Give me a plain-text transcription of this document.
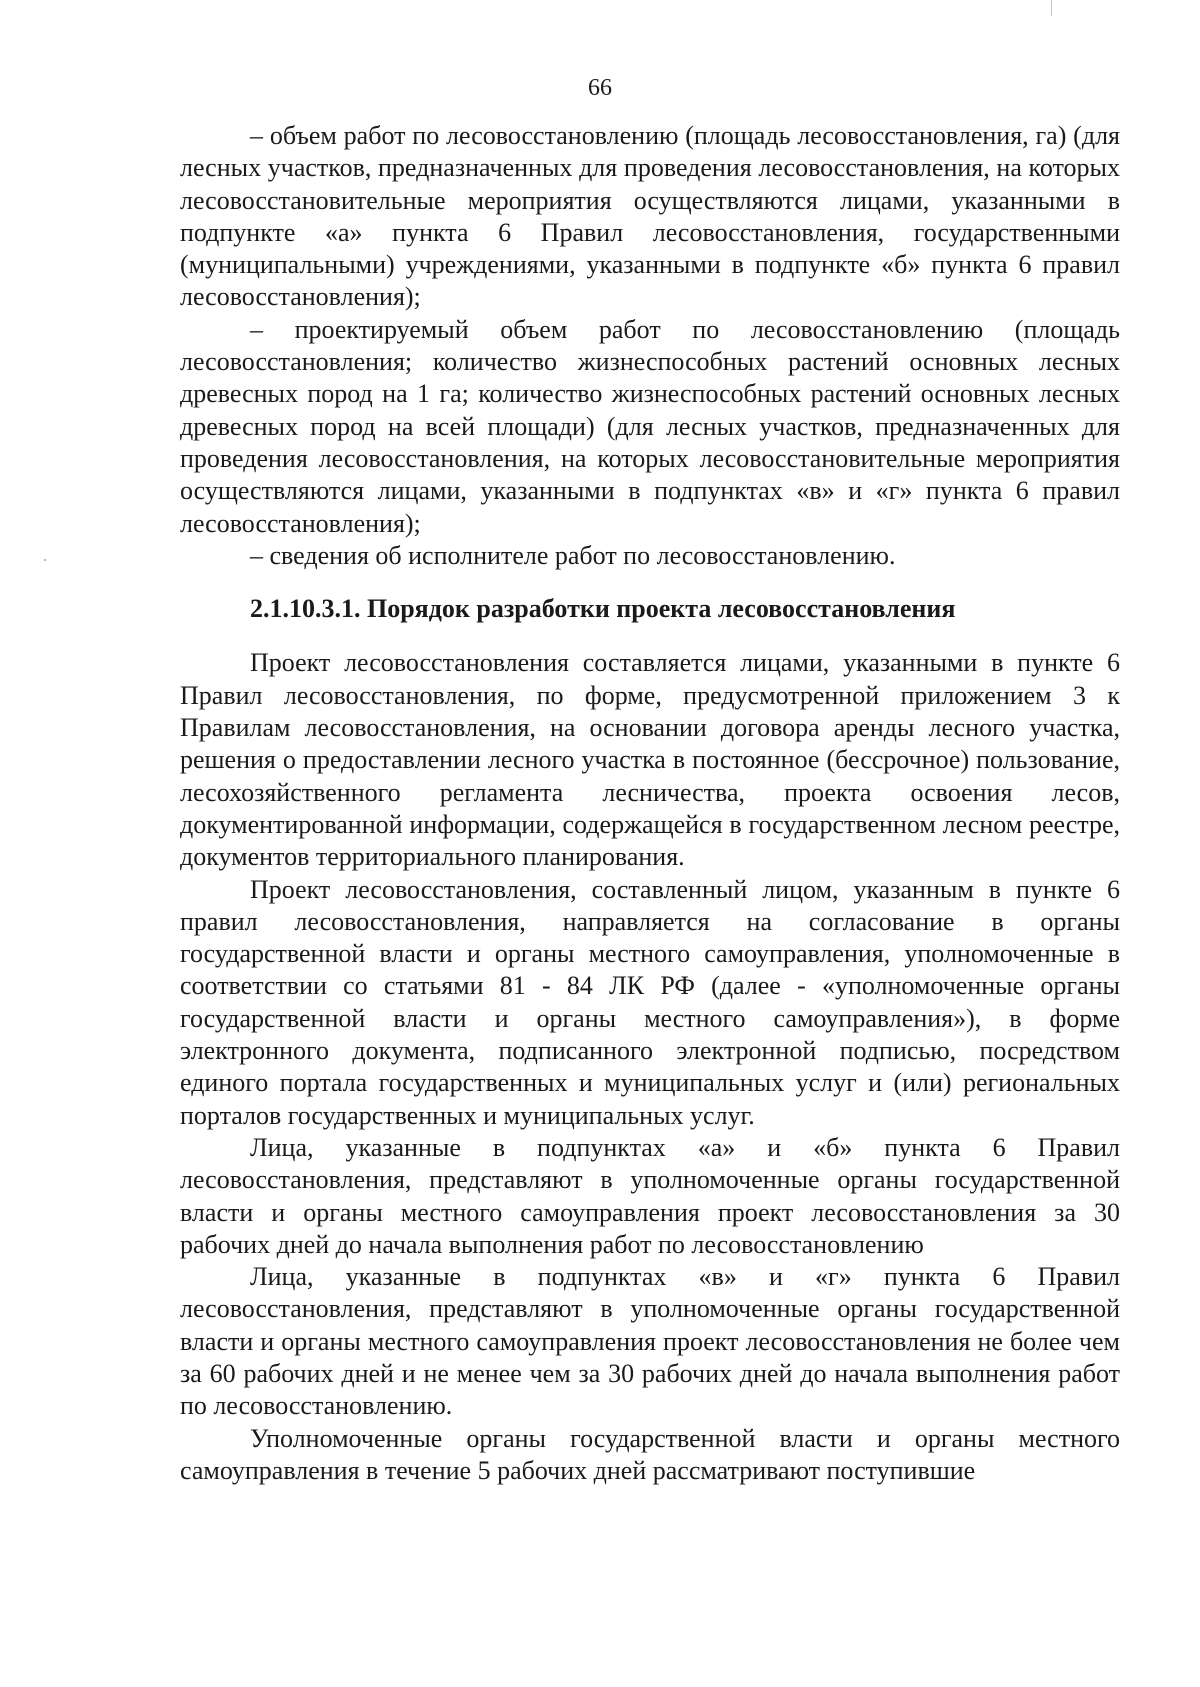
66

– объем работ по лесовосстановлению (площадь лесовосстановления, га) (для лесных участков, предназначенных для проведения лесовосстановления, на которых лесовосстановительные мероприятия осуществляются лицами, указанными в подпункте «а» пункта 6 Правил лесовосстановления, государственными (муниципальными) учреждениями, указанными в подпункте «б» пункта 6 правил лесовосстановления);

– проектируемый объем работ по лесовосстановлению (площадь лесовосстановления; количество жизнеспособных растений основных лесных древесных пород на 1 га; количество жизнеспособных растений основных лесных древесных пород на всей площади) (для лесных участков, предназначенных для проведения лесовосстановления, на которых лесовосстановительные мероприятия осуществляются лицами, указанными в подпунктах «в» и «г» пункта 6 правил лесовосстановления);

– сведения об исполнителе работ по лесовосстановлению.

2.1.10.3.1. Порядок разработки проекта лесовосстановления

Проект лесовосстановления составляется лицами, указанными в пункте 6 Правил лесовосстановления, по форме, предусмотренной приложением 3 к Правилам лесовосстановления, на основании договора аренды лесного участка, решения о предоставлении лесного участка в постоянное (бессрочное) пользование, лесохозяйственного регламента лесничества, проекта освоения лесов, документированной информации, содержащейся в государственном лесном реестре, документов территориального планирования.

Проект лесовосстановления, составленный лицом, указанным в пункте 6 правил лесовосстановления, направляется на согласование в органы государственной власти и органы местного самоуправления, уполномоченные в соответствии со статьями 81 - 84 ЛК РФ (далее - «уполномоченные органы государственной власти и органы местного самоуправления»), в форме электронного документа, подписанного электронной подписью, посредством единого портала государственных и муниципальных услуг и (или) региональных порталов государственных и муниципальных услуг.

Лица, указанные в подпунктах «а» и «б» пункта 6 Правил лесовосстановления, представляют в уполномоченные органы государственной власти и органы местного самоуправления проект лесовосстановления за 30 рабочих дней до начала выполнения работ по лесовосстановлению

Лица, указанные в подпунктах «в» и «г» пункта 6 Правил лесовосстановления, представляют в уполномоченные органы государственной власти и органы местного самоуправления проект лесовосстановления не более чем за 60 рабочих дней и не менее чем за 30 рабочих дней до начала выполнения работ по лесовосстановлению.

Уполномоченные органы государственной власти и органы местного самоуправления в течение 5 рабочих дней рассматривают поступившие
